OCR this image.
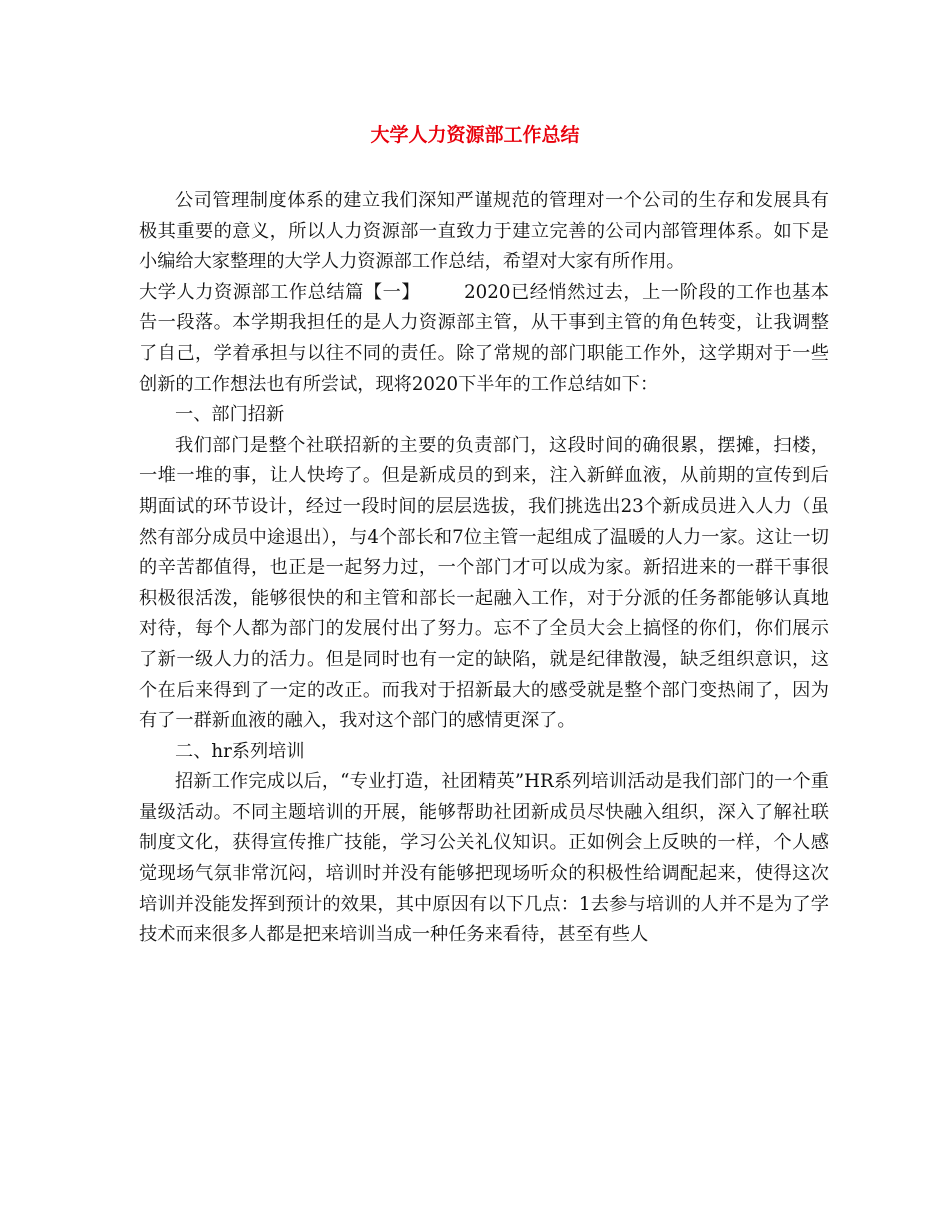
大学人力资源部工作总结

公司管理制度体系的建立我们深知严谨规范的管理对一个公司的生存和发展具有极其重要的意义，所以人力资源部一直致力于建立完善的公司内部管理体系。如下是小编给大家整理的大学人力资源部工作总结，希望对大家有所作用。

大学人力资源部工作总结篇【一】 2020已经悄然过去，上一阶段的工作也基本告一段落。本学期我担任的是人力资源部主管，从干事到主管的角色转变，让我调整了自己，学着承担与以往不同的责任。除了常规的部门职能工作外，这学期对于一些创新的工作想法也有所尝试，现将2020下半年的工作总结如下：

一、部门招新

我们部门是整个社联招新的主要的负责部门，这段时间的确很累，摆摊，扫楼，一堆一堆的事，让人快垮了。但是新成员的到来，注入新鲜血液，从前期的宣传到后期面试的环节设计，经过一段时间的层层选拔，我们挑选出23个新成员进入人力（虽然有部分成员中途退出），与4个部长和7位主管一起组成了温暖的人力一家。这让一切的辛苦都值得，也正是一起努力过，一个部门才可以成为家。新招进来的一群干事很积极很活泼，能够很快的和主管和部长一起融入工作，对于分派的任务都能够认真地对待，每个人都为部门的发展付出了努力。忘不了全员大会上搞怪的你们，你们展示了新一级人力的活力。但是同时也有一定的缺陷，就是纪律散漫，缺乏组织意识，这个在后来得到了一定的改正。而我对于招新最大的感受就是整个部门变热闹了，因为有了一群新血液的融入，我对这个部门的感情更深了。

二、hr系列培训

招新工作完成以后，“专业打造，社团精英”HR系列培训活动是我们部门的一个重量级活动。不同主题培训的开展，能够帮助社团新成员尽快融入组织，深入了解社联制度文化，获得宣传推广技能，学习公关礼仪知识。正如例会上反映的一样，个人感觉现场气氛非常沉闷，培训时并没有能够把现场听众的积极性给调配起来，使得这次培训并没能发挥到预计的效果，其中原因有以下几点：1去参与培训的人并不是为了学技术而来很多人都是把来培训当成一种任务来看待，甚至有些人
